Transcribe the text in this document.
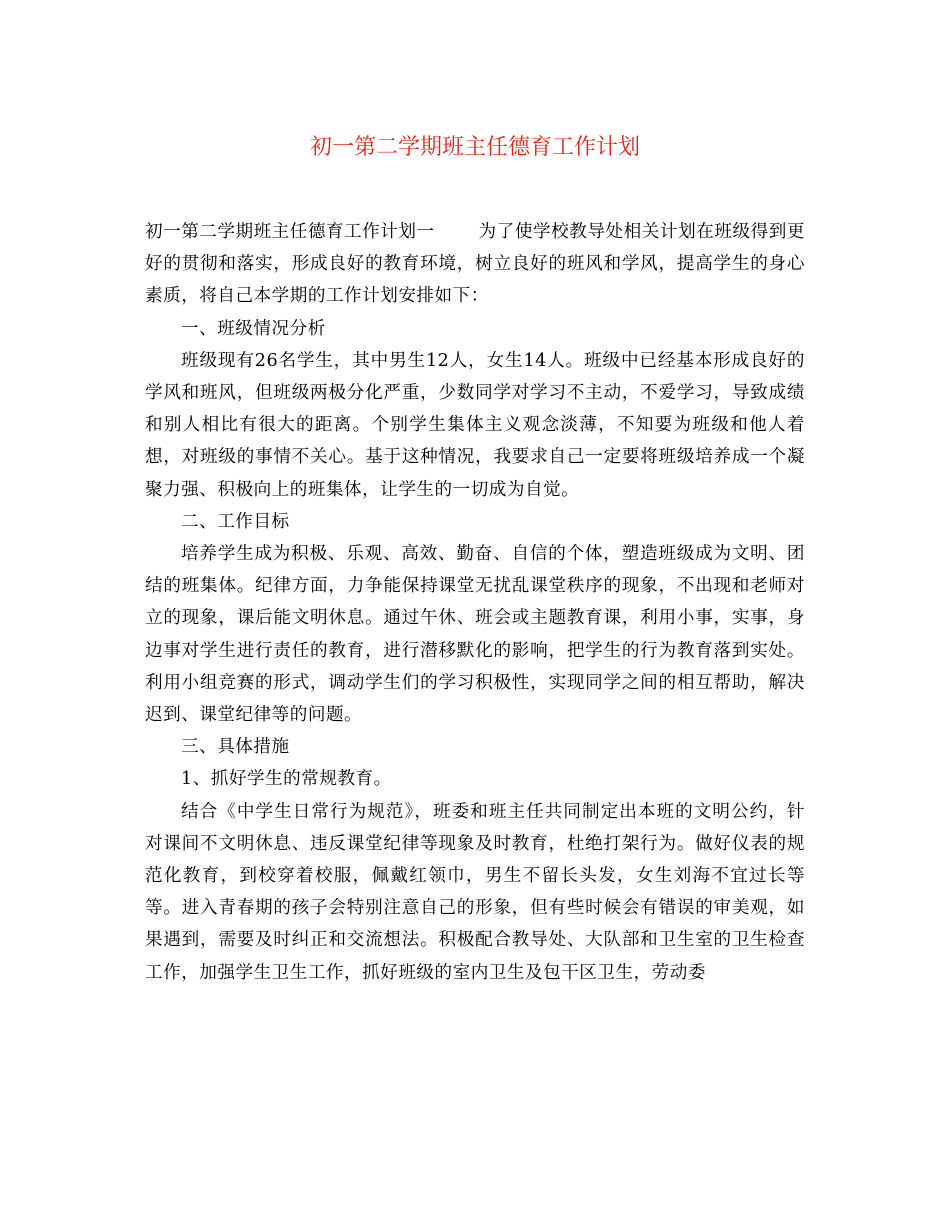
初一第二学期班主任德育工作计划

初一第二学期班主任德育工作计划一	为了使学校教导处相关计划在班级得到更好的贯彻和落实，形成良好的教育环境，树立良好的班风和学风，提高学生的身心素质，将自己本学期的工作计划安排如下：

一、班级情况分析

班级现有26名学生，其中男生12人，女生14人。班级中已经基本形成良好的学风和班风，但班级两极分化严重，少数同学对学习不主动，不爱学习，导致成绩和别人相比有很大的距离。个别学生集体主义观念淡薄，不知要为班级和他人着想，对班级的事情不关心。基于这种情况，我要求自己一定要将班级培养成一个凝聚力强、积极向上的班集体，让学生的一切成为自觉。

二、工作目标

培养学生成为积极、乐观、高效、勤奋、自信的个体，塑造班级成为文明、团结的班集体。纪律方面，力争能保持课堂无扰乱课堂秩序的现象，不出现和老师对立的现象，课后能文明休息。通过午休、班会或主题教育课，利用小事，实事，身边事对学生进行责任的教育，进行潜移默化的影响，把学生的行为教育落到实处。利用小组竞赛的形式，调动学生们的学习积极性，实现同学之间的相互帮助，解决迟到、课堂纪律等的问题。

三、具体措施

1、抓好学生的常规教育。

结合《中学生日常行为规范》，班委和班主任共同制定出本班的文明公约，针对课间不文明休息、违反课堂纪律等现象及时教育，杜绝打架行为。做好仪表的规范化教育，到校穿着校服，佩戴红领巾，男生不留长头发，女生刘海不宜过长等等。进入青春期的孩子会特别注意自己的形象，但有些时候会有错误的审美观，如果遇到，需要及时纠正和交流想法。积极配合教导处、大队部和卫生室的卫生检查工作，加强学生卫生工作，抓好班级的室内卫生及包干区卫生，劳动委
